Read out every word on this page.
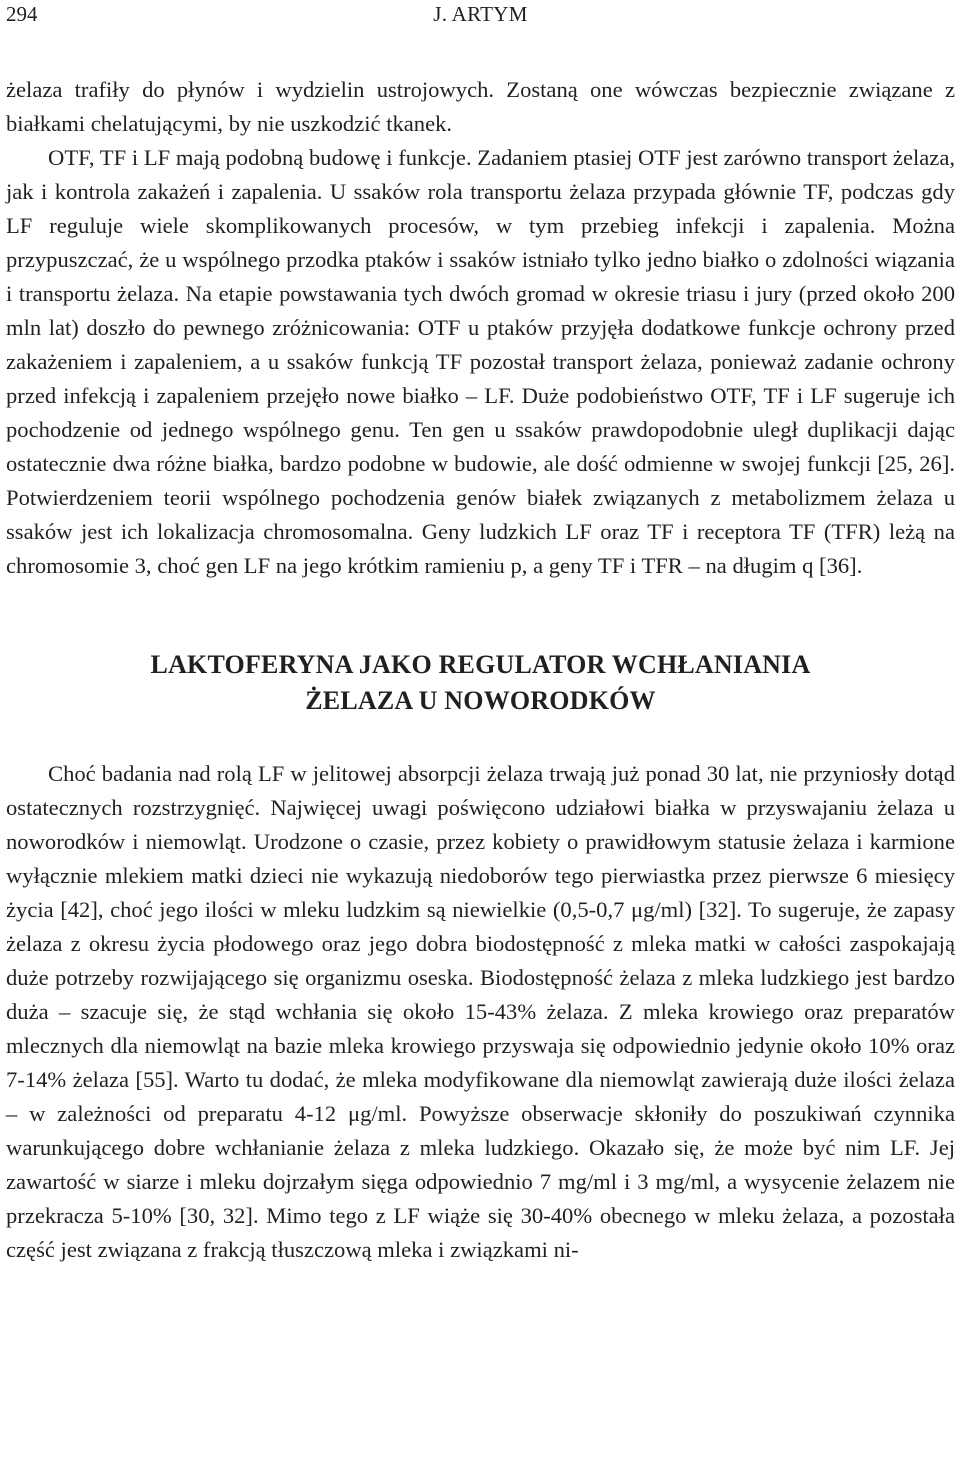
294	J. ARTYM

żelaza trafiły do płynów i wydzielin ustrojowych. Zostaną one wówczas bezpiecznie związane z białkami chelatującymi, by nie uszkodzić tkanek.

OTF, TF i LF mają podobną budowę i funkcje. Zadaniem ptasiej OTF jest zarówno transport żelaza, jak i kontrola zakażeń i zapalenia. U ssaków rola transportu żelaza przypada głównie TF, podczas gdy LF reguluje wiele skomplikowanych procesów, w tym przebieg infekcji i zapalenia. Można przypuszczać, że u wspólnego przodka ptaków i ssaków istniało tylko jedno białko o zdolności wiązania i transportu żelaza. Na etapie powstawania tych dwóch gromad w okresie triasu i jury (przed około 200 mln lat) doszło do pewnego zróżnicowania: OTF u ptaków przyjęła dodatkowe funkcje ochrony przed zakażeniem i zapaleniem, a u ssaków funkcją TF pozostał transport żelaza, ponieważ zadanie ochrony przed infekcją i zapaleniem przejęło nowe białko – LF. Duże podobieństwo OTF, TF i LF sugeruje ich pochodzenie od jednego wspólnego genu. Ten gen u ssaków prawdopodobnie uległ duplikacji dając ostatecznie dwa różne białka, bardzo podobne w budowie, ale dość odmienne w swojej funkcji [25, 26]. Potwierdzeniem teorii wspólnego pochodzenia genów białek związanych z metabolizmem żelaza u ssaków jest ich lokalizacja chromosomalna. Geny ludzkich LF oraz TF i receptora TF (TFR) leżą na chromosomie 3, choć gen LF na jego krótkim ramieniu p, a geny TF i TFR – na długim q [36].

LAKTOFERYNA JAKO REGULATOR WCHŁANIANIA
ŻELAZA U NOWORODKÓW

Choć badania nad rolą LF w jelitowej absorpcji żelaza trwają już ponad 30 lat, nie przyniosły dotąd ostatecznych rozstrzygnięć. Najwięcej uwagi poświęcono udziałowi białka w przyswajaniu żelaza u noworodków i niemowląt. Urodzone o czasie, przez kobiety o prawidłowym statusie żelaza i karmione wyłącznie mlekiem matki dzieci nie wykazują niedoborów tego pierwiastka przez pierwsze 6 miesięcy życia [42], choć jego ilości w mleku ludzkim są niewielkie (0,5-0,7 μg/ml) [32]. To sugeruje, że zapasy żelaza z okresu życia płodowego oraz jego dobra biodostępność z mleka matki w całości zaspokajają duże potrzeby rozwijającego się organizmu oseska. Biodostępność żelaza z mleka ludzkiego jest bardzo duża – szacuje się, że stąd wchłania się około 15-43% żelaza. Z mleka krowiego oraz preparatów mlecznych dla niemowląt na bazie mleka krowiego przyswaja się odpowiednio jedynie około 10% oraz 7-14% żelaza [55]. Warto tu dodać, że mleka modyfikowane dla niemowląt zawierają duże ilości żelaza – w zależności od preparatu 4-12 μg/ml. Powyższe obserwacje skłoniły do poszukiwań czynnika warunkującego dobre wchłanianie żelaza z mleka ludzkiego. Okazało się, że może być nim LF. Jej zawartość w siarze i mleku dojrzałym sięga odpowiednio 7 mg/ml i 3 mg/ml, a wysycenie żelazem nie przekracza 5-10% [30, 32]. Mimo tego z LF wiąże się 30-40% obecnego w mleku żelaza, a pozostała część jest związana z frakcją tłuszczową mleka i związkami ni-
